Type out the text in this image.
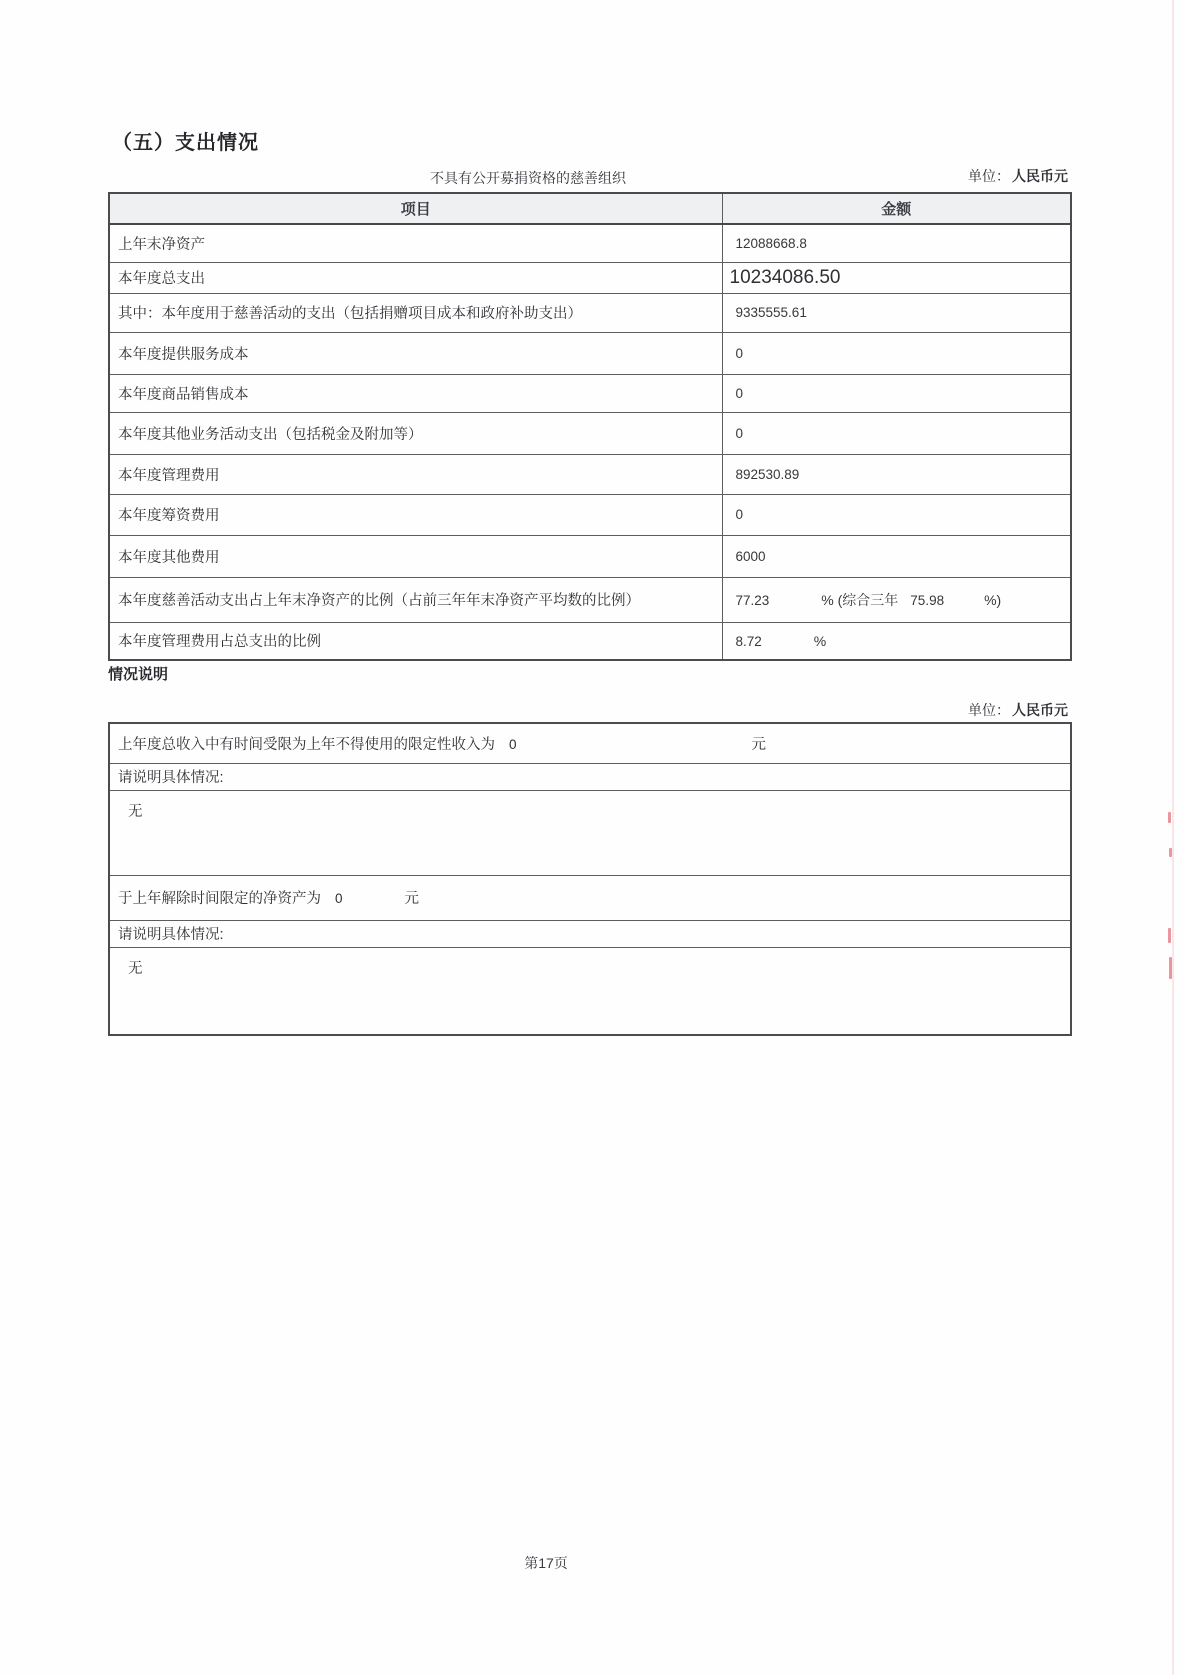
（五）支出情况
不具有公开募捐资格的慈善组织	单位： 人民币元
项目	金额
上年末净资产	12088668.8
本年度总支出	10234086.50
其中：本年度用于慈善活动的支出（包括捐赠项目成本和政府补助支出）	9335555.61
本年度提供服务成本	0
本年度商品销售成本	0
本年度其他业务活动支出（包括税金及附加等）	0
本年度管理费用	892530.89
本年度筹资费用	0
本年度其他费用	6000
本年度慈善活动支出占上年末净资产的比例（占前三年年末净资产平均数的比例）	77.23 % (综合三年 75.98 %)
本年度管理费用占总支出的比例	8.72 %
情况说明
单位： 人民币元
上年度总收入中有时间受限为上年不得使用的限定性收入为 0	元
请说明具体情况:
无
于上年解除时间限定的净资产为 0	元
请说明具体情况:
无
第17页
